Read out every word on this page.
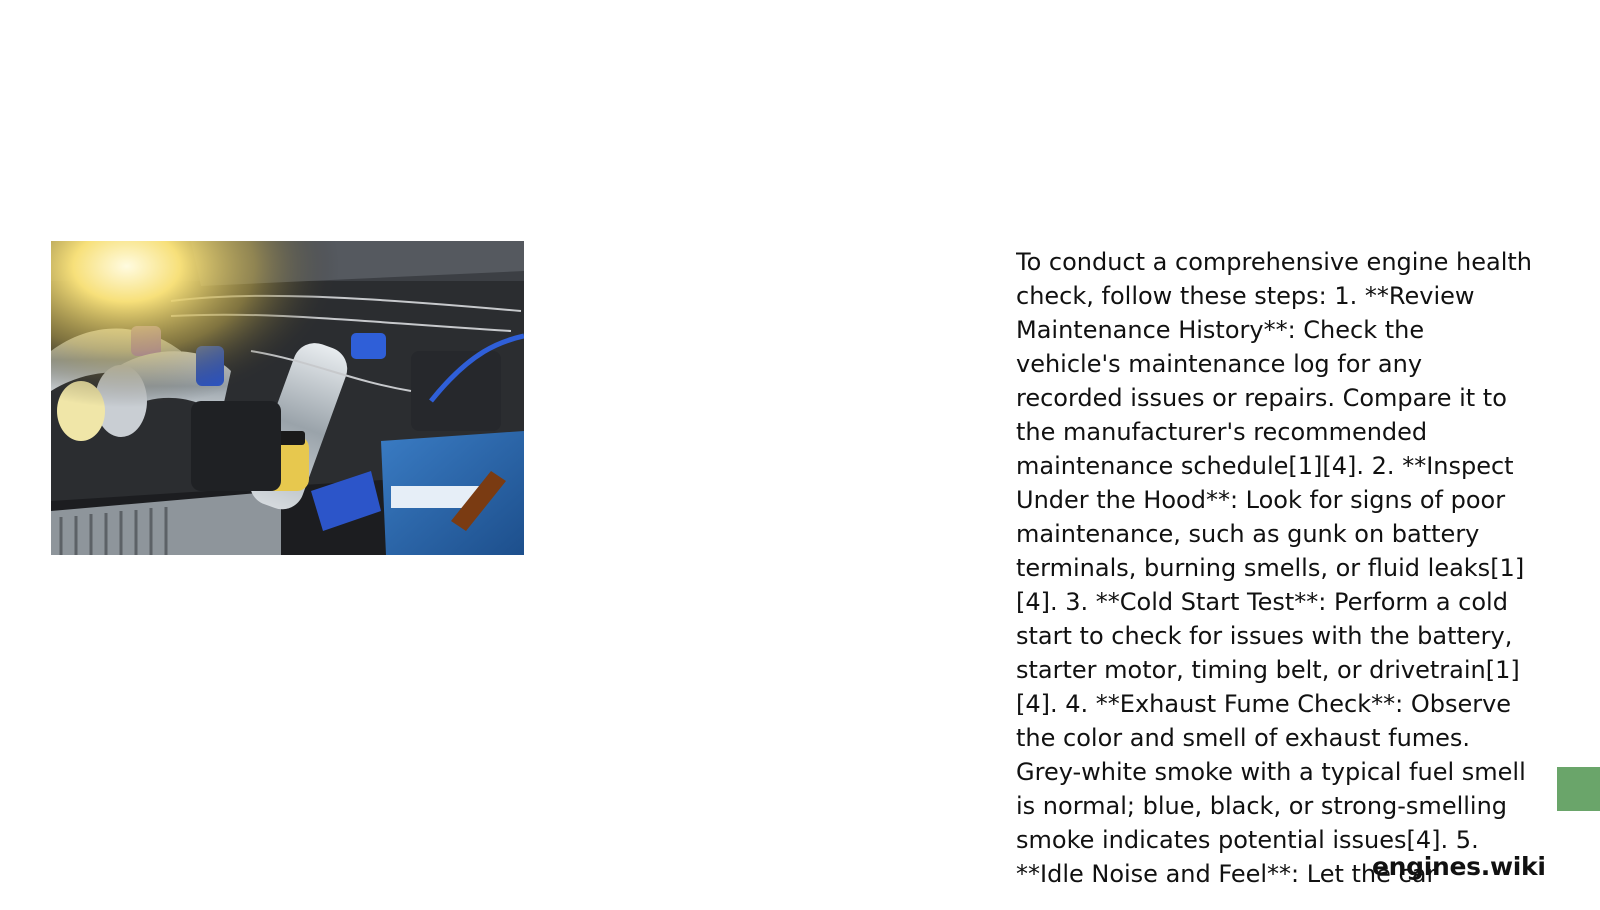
To conduct a comprehensive engine health check, follow these steps: 1. **Review Maintenance History**: Check the vehicle's maintenance log for any recorded issues or repairs. Compare it to the manufacturer's recommended maintenance schedule[1][4]. 2. **Inspect Under the Hood**: Look for signs of poor maintenance, such as gunk on battery terminals, burning smells, or fluid leaks[1][4]. 3. **Cold Start Test**: Perform a cold start to check for issues with the battery, starter motor, timing belt, or drivetrain[1][4]. 4. **Exhaust Fume Check**: Observe the color and smell of exhaust fumes. Grey-white smoke with a typical fuel smell is normal; blue, black, or strong-smelling smoke indicates potential issues[4]. 5. **Idle Noise and Feel**: Let the car

engines.wiki
